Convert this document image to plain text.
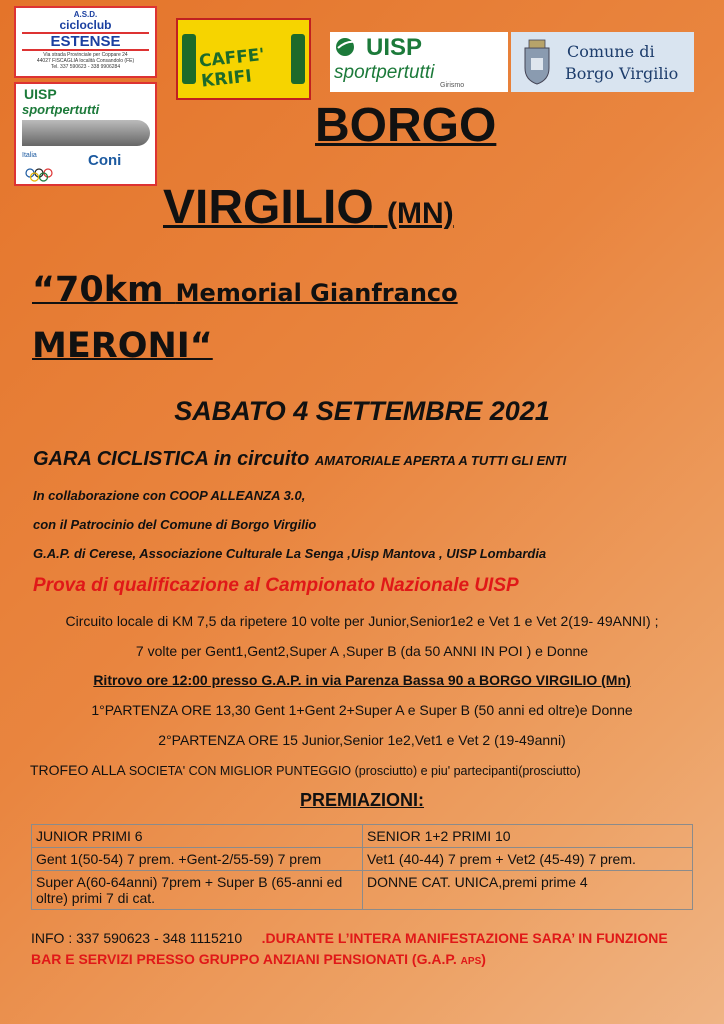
A.S.D.
cicloclub
ESTENSE
Via strada Provinciale per Coppare 24
44027 FISCAGLIA località Consandolo (FE)
Tel. 337 590623 - 338 9906284
UISP
sportpertutti
Italia	Coni
CAFFE' KRIFI
UISP
sportpertutti
Girismo
Comune di
Borgo Virgilio
BORGO
VIRGILIO (MN)
“70km Memorial Gianfranco
MERONI“
SABATO 4 SETTEMBRE 2021
GARA CICLISTICA in circuito AMATORIALE APERTA A TUTTI GLI ENTI
In collaborazione con COOP ALLEANZA 3.0,
con il Patrocinio del Comune di Borgo Virgilio
G.A.P. di Cerese, Associazione Culturale La Senga ,Uisp Mantova , UISP Lombardia
Prova di qualificazione al Campionato Nazionale UISP
Circuito locale di KM 7,5 da ripetere 10 volte per Junior,Senior1e2 e Vet 1 e Vet 2(19- 49ANNI) ;
7 volte per Gent1,Gent2,Super A ,Super B (da 50 ANNI IN POI ) e Donne
Ritrovo ore 12:00 presso G.A.P. in via Parenza Bassa 90 a BORGO VIRGILIO (Mn)
1°PARTENZA ORE 13,30 Gent 1+Gent 2+Super A e Super B (50 anni ed oltre)e Donne
2°PARTENZA ORE 15 Junior,Senior 1e2,Vet1 e Vet 2 (19-49anni)
TROFEO ALLA SOCIETA' CON MIGLIOR PUNTEGGIO (prosciutto) e piu' partecipanti(prosciutto)
PREMIAZIONI:
JUNIOR PRIMI 6	SENIOR 1+2 PRIMI 10
Gent 1(50-54) 7 prem. +Gent-2/55-59) 7 prem	Vet1 (40-44) 7 prem + Vet2 (45-49) 7 prem.
Super A(60-64anni) 7prem + Super B (65-anni ed oltre) primi 7 di cat.	DONNE CAT. UNICA,premi prime 4
INFO : 337 590623 - 348 1115210 .DURANTE L’INTERA MANIFESTAZIONE SARA’ IN FUNZIONE BAR E SERVIZI PRESSO GRUPPO ANZIANI PENSIONATI (G.A.P. APS)
